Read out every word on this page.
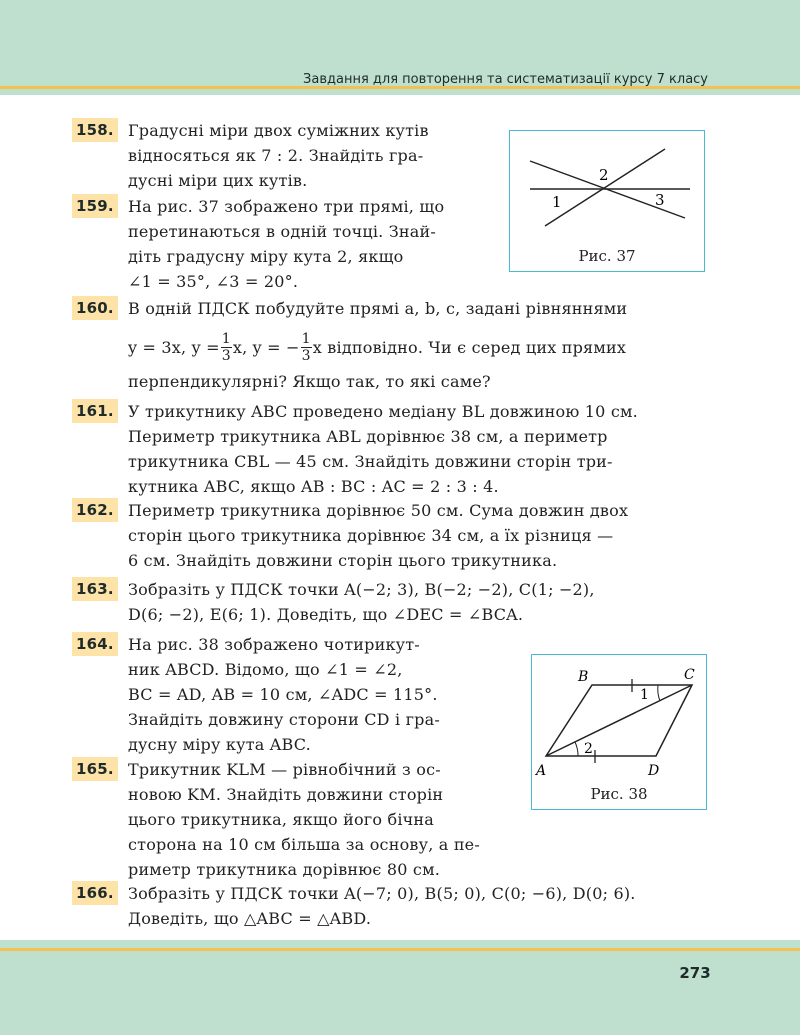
Завдання для повторення та систематизації курсу 7 класу
158. Градусні міри двох суміжних кутів
відносяться як 7 : 2. Знайдіть гра-
дусні міри цих кутів.
159. На рис. 37 зображено три прямі, що
перетинаються в одній точці. Знай-
діть градусну міру кута 2, якщо
∠1 = 35°, ∠3 = 20°.
2
1	3
Рис. 37
160. В одній ПДСК побудуйте прямі a, b, c, задані рівняннями
y = 3x, $y = \frac{1}{3} x$, y = − $\frac{1}{3}$ x відповідно. Чи є серед цих прямих
перпендикулярні? Якщо так, то які саме?
161. У трикутнику ABC проведено медіану BL довжиною 10 см.
Периметр трикутника ABL дорівнює 38 см, а периметр
трикутника CBL — 45 см. Знайдіть довжини сторін три-
кутника ABC, якщо AB : BC : AC = 2 : 3 : 4.
162. Периметр трикутника дорівнює 50 см. Сума довжин двох
сторін цього трикутника дорівнює 34 см, а їх різниця —
6 см. Знайдіть довжини сторін цього трикутника.
163. Зобразіть у ПДСК точки A(−2; 3), B(−2; −2), C(1; −2),
D(6; −2), E(6; 1). Доведіть, що ∠DEC = ∠BCA.
164. На рис. 38 зображено чотирикут-
ник ABCD. Відомо, що ∠1 = ∠2,
BC = AD, AB = 10 см, ∠ADC = 115°.
Знайдіть довжину сторони CD і гра-
дусну міру кута ABC.
B	C
A	D
1
2
Рис. 38
165. Трикутник KLM — рівнобічний з ос-
новою KM. Знайдіть довжини сторін
цього трикутника, якщо його бічна
сторона на 10 см більша за основу, а пе-
риметр трикутника дорівнює 80 см.
166. Зобразіть у ПДСК точки A(−7; 0), B(5; 0), C(0; −6), D(0; 6).
Доведіть, що △ABC = △ABD.
273
